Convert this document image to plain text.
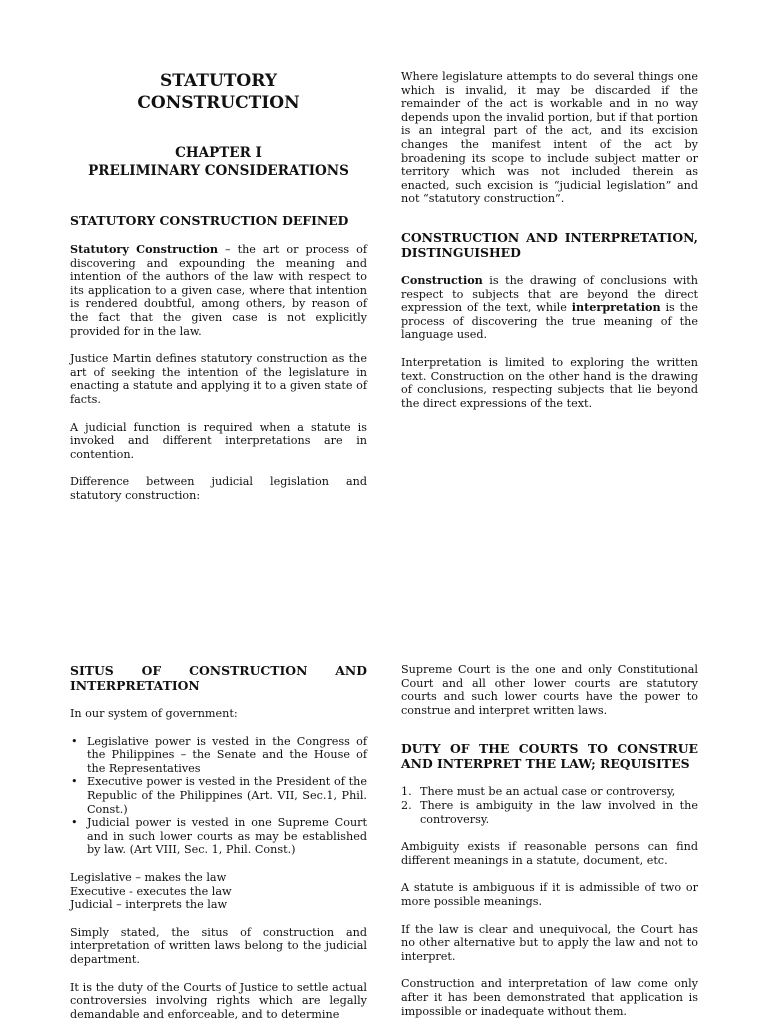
STATUTORY
CONSTRUCTION
CHAPTER I
PRELIMINARY CONSIDERATIONS
STATUTORY CONSTRUCTION DEFINED

Statutory Construction – the art or process of discovering and expounding the meaning and intention of the authors of the law with respect to its application to a given case, where that intention is rendered doubtful, among others, by reason of the fact that the given case is not explicitly provided for in the law.

Justice Martin defines statutory construction as the art of seeking the intention of the legislature in enacting a statute and applying it to a given state of facts.

A judicial function is required when a statute is invoked and different interpretations are in contention.

Difference between judicial legislation and statutory construction:

Where legislature attempts to do several things one which is invalid, it may be discarded if the remainder of the act is workable and in no way depends upon the invalid portion, but if that portion is an integral part of the act, and its excision changes the manifest intent of the act by broadening its scope to include subject matter or territory which was not included therein as enacted, such excision is “judicial legislation” and not “statutory construction”.

CONSTRUCTION AND INTERPRETATION, DISTINGUISHED

Construction is the drawing of conclusions with respect to subjects that are beyond the direct expression of the text, while interpretation is the process of discovering the true meaning of the language used.

Interpretation is limited to exploring the written text. Construction on the other hand is the drawing of conclusions, respecting subjects that lie beyond the direct expressions of the text.

SITUS OF CONSTRUCTION AND INTERPRETATION

In our system of government:

• Legislative power is vested in the Congress of the Philippines – the Senate and the House of the Representatives
• Executive power is vested in the President of the Republic of the Philippines (Art. VII, Sec.1, Phil. Const.)
• Judicial power is vested in one Supreme Court and in such lower courts as may be established by law. (Art VIII, Sec. 1, Phil. Const.)
Legislative – makes the law
Executive - executes the law
Judicial – interprets the law

Simply stated, the situs of construction and interpretation of written laws belong to the judicial department.

It is the duty of the Courts of Justice to settle actual controversies involving rights which are legally demandable and enforceable, and to determine

Supreme Court is the one and only Constitutional Court and all other lower courts are statutory courts and such lower courts have the power to construe and interpret written laws.

DUTY OF THE COURTS TO CONSTRUE AND INTERPRET THE LAW; REQUISITES
1. There must be an actual case or controversy,
2. There is ambiguity in the law involved in the controversy.

Ambiguity exists if reasonable persons can find different meanings in a statute, document, etc.

A statute is ambiguous if it is admissible of two or more possible meanings.

If the law is clear and unequivocal, the Court has no other alternative but to apply the law and not to interpret.

Construction and interpretation of law come only after it has been demonstrated that application is impossible or inadequate without them.
